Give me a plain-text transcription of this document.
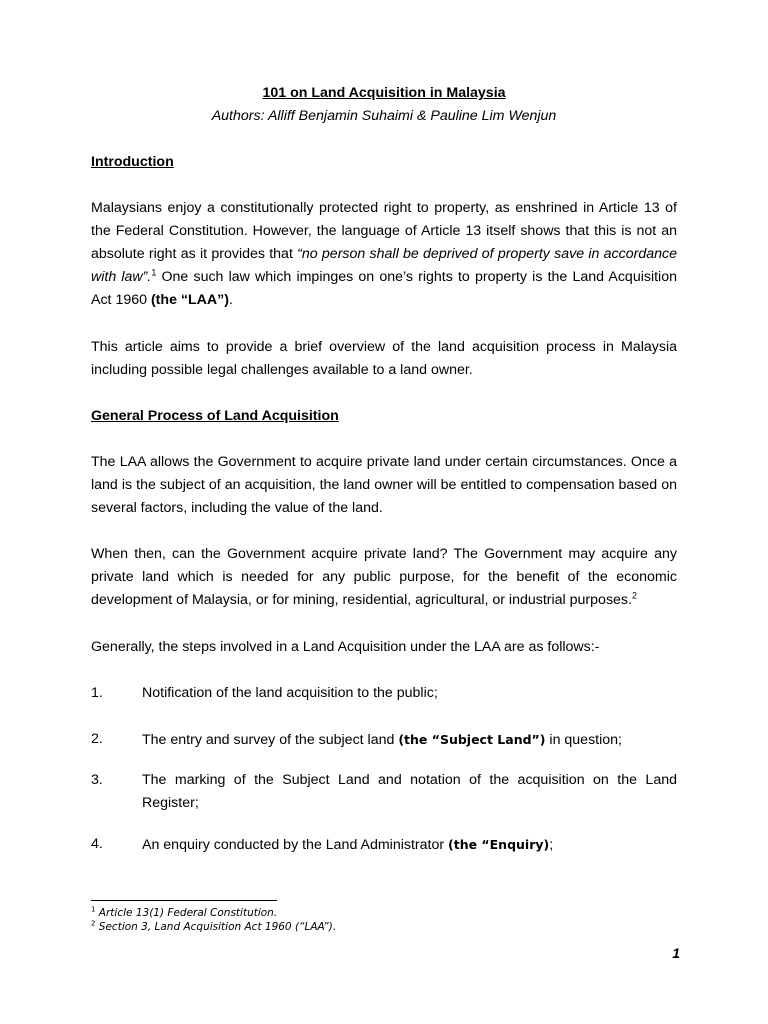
101 on Land Acquisition in Malaysia
Authors: Alliff Benjamin Suhaimi & Pauline Lim Wenjun
Introduction

Malaysians enjoy a constitutionally protected right to property, as enshrined in Article 13 of the Federal Constitution. However, the language of Article 13 itself shows that this is not an absolute right as it provides that “no person shall be deprived of property save in accordance with law”.$^1$ One such law which impinges on one’s rights to property is the Land Acquisition Act 1960 (the “LAA”).

This article aims to provide a brief overview of the land acquisition process in Malaysia including possible legal challenges available to a land owner.

General Process of Land Acquisition

The LAA allows the Government to acquire private land under certain circumstances. Once a land is the subject of an acquisition, the land owner will be entitled to compensation based on several factors, including the value of the land.

When then, can the Government acquire private land? The Government may acquire any private land which is needed for any public purpose, for the benefit of the economic development of Malaysia, or for mining, residential, agricultural, or industrial purposes.$^2$

Generally, the steps involved in a Land Acquisition under the LAA are as follows:-

1.	Notification of the land acquisition to the public;
2.	The entry and survey of the subject land (the “Subject Land”) in question;
3.	The marking of the Subject Land and notation of the acquisition on the Land Register;
4.	An enquiry conducted by the Land Administrator (the “Enquiry);
$^1$ Article 13(1) Federal Constitution.
$^2$ Section 3, Land Acquisition Act 1960 (“LAA”).
1
